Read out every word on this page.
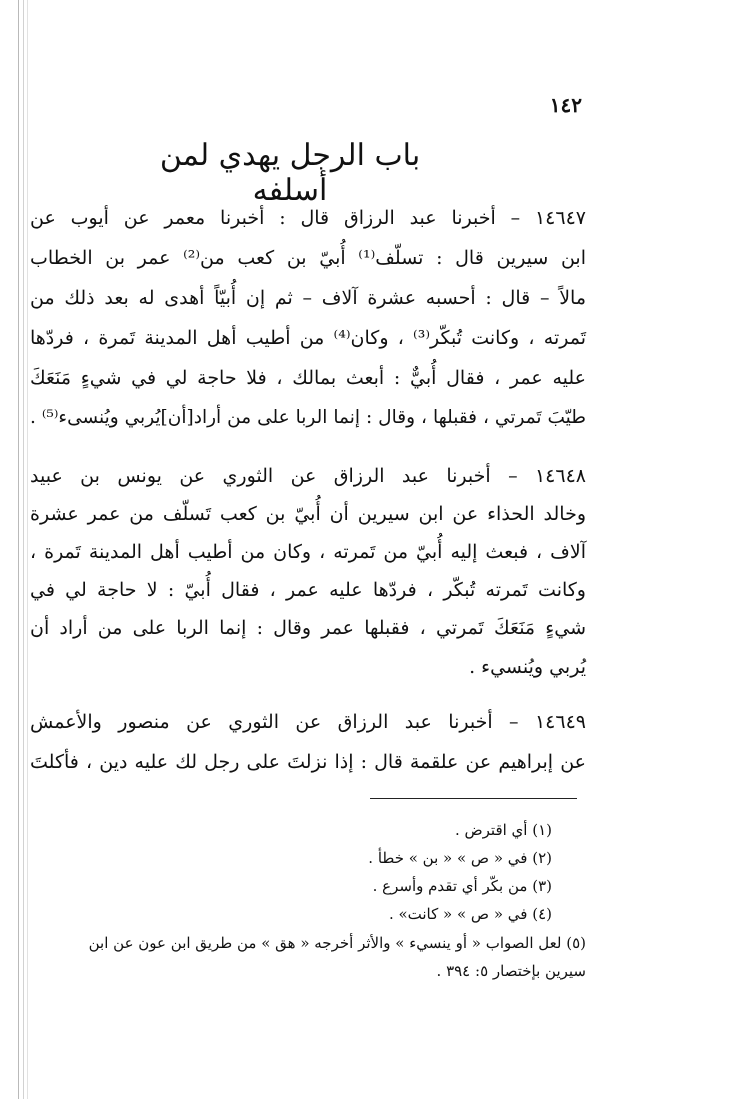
١٤٢
باب الرجل يهدي لمن أسلفه
١٤٦٤٧ – أخبرنا عبد الرزاق قال : أخبرنا معمر عن أيوب عن
ابن سيرين قال : تسلّف⁽¹⁾ أُبيّ بن كعب من⁽²⁾ عمر بن الخطاب
مالاً – قال : أحسبه عشرة آلاف – ثم إن أُبيّاً أهدى له بعد ذلك من
تَمرته ، وكانت تُبكّر⁽³⁾ ، وكان⁽⁴⁾ من أطيب أهل المدينة تَمرة ، فردّها
عليه عمر ، فقال أُبيٌّ : أبعث بمالك ، فلا حاجة لي في شيءٍ مَنَعَكَ
طيّبَ تَمرتي ، فقبلها ، وقال : إنما الربا على من أراد[أن]يُربي ويُنسىء⁽⁵⁾ .
١٤٦٤٨ – أخبرنا عبد الرزاق عن الثوري عن يونس بن عبيد
وخالد الحذاء عن ابن سيرين أن أُبيّ بن كعب تَسلّف من عمر عشرة
آلاف ، فبعث إليه أُبيّ من تَمرته ، وكان من أطيب أهل المدينة تَمرة ،
وكانت تَمرته تُبكّر ، فردّها عليه عمر ، فقال أُبيّ : لا حاجة لي في
شيءٍ مَنَعَكَ تَمرتي ، فقبلها عمر وقال : إنما الربا على من أراد أن
يُربي ويُنسيء .
١٤٦٤٩ – أخبرنا عبد الرزاق عن الثوري عن منصور والأعمش
عن إبراهيم عن علقمة قال : إذا نزلتَ على رجل لك عليه دين ، فأكلتَ
(١) أي اقترض .
(٢) في « ص » « بن » خطأ .
(٣) من بكّر أي تقدم وأسرع .
(٤) في « ص » « كانت» .
(٥) لعل الصواب « أو ينسيء » والأثر أخرجه « هق » من طريق ابن عون عن ابن
سيرين بإختصار ٥: ٣٩٤ .
